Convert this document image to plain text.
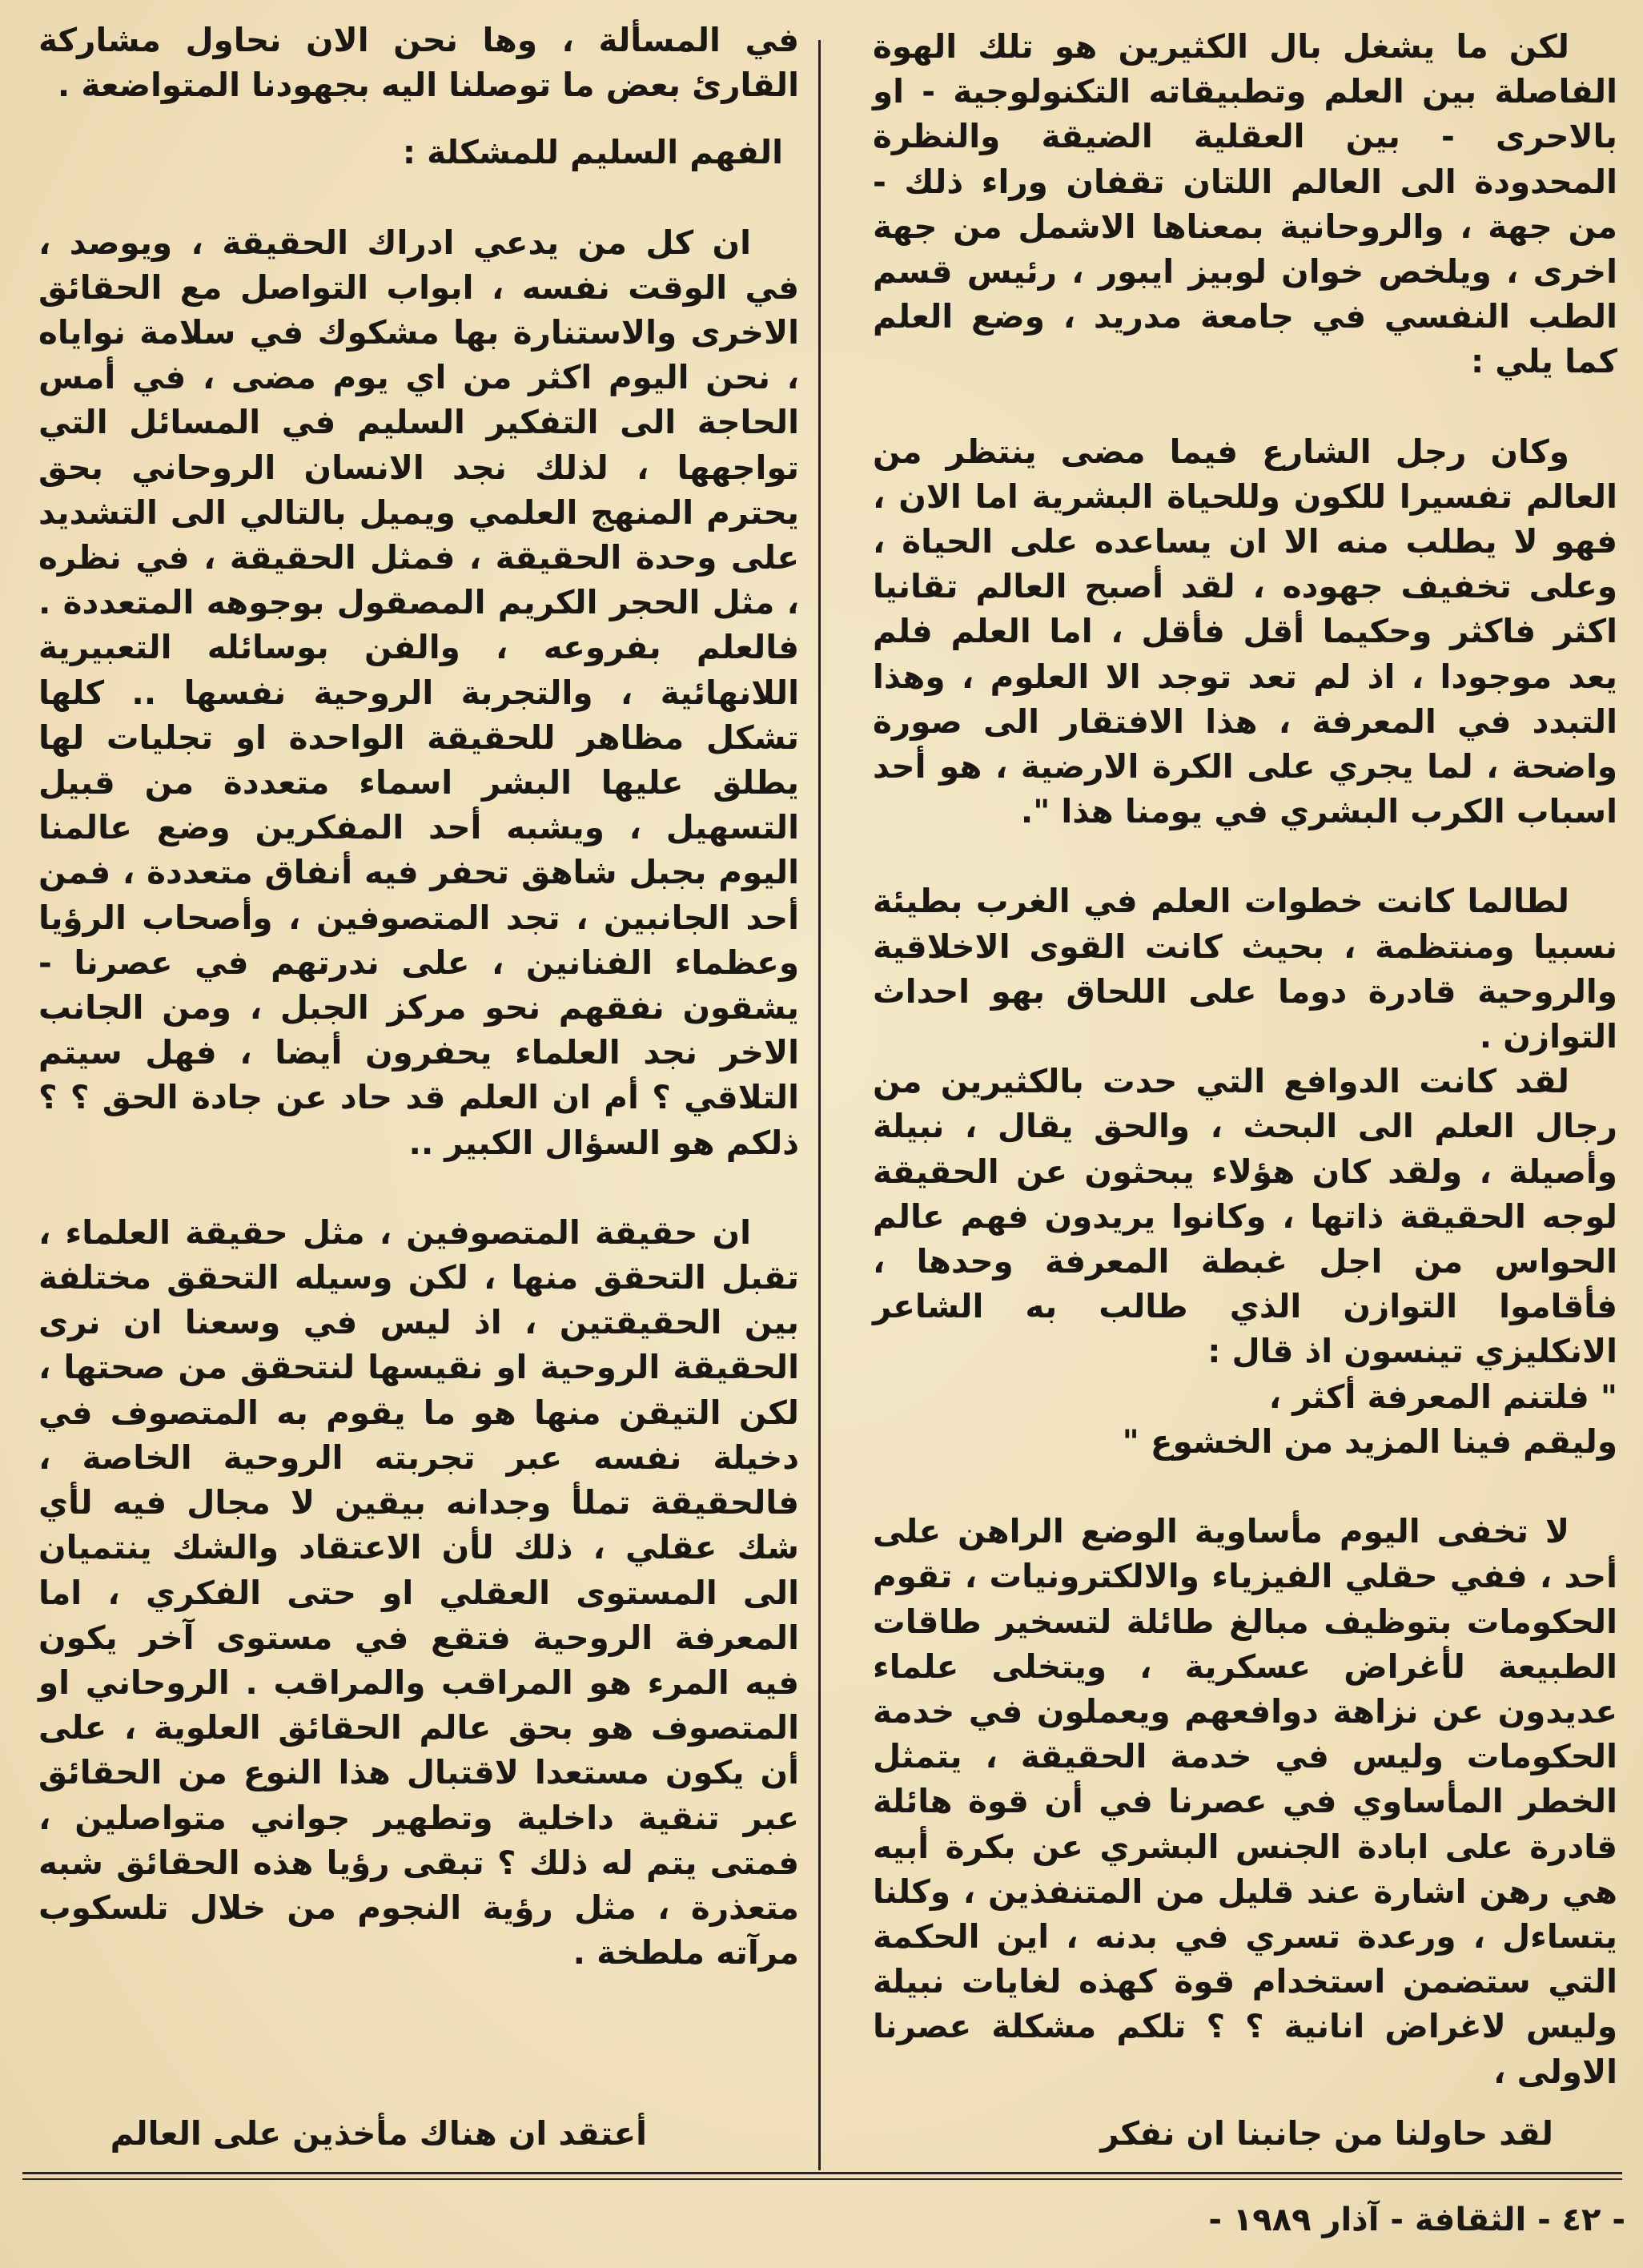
لكن ما يشغل بال الكثيرين هو تلك الهوة الفاصلة بين العلم وتطبيقاته التكنولوجية - او بالاحرى - بين العقلية الضيقة والنظرة المحدودة الى العالم اللتان تقفان وراء ذلك - من جهة ، والروحانية بمعناها الاشمل من جهة اخرى ، ويلخص خوان لوبيز ايبور ، رئيس قسم الطب النفسي في جامعة مدريد ، وضع العلم كما يلي :

وكان رجل الشارع فيما مضى ينتظر من العالم تفسيرا للكون وللحياة البشرية اما الان ، فهو لا يطلب منه الا ان يساعده على الحياة ، وعلى تخفيف جهوده ، لقد أصبح العالم تقانيا اكثر فاكثر وحكيما أقل فأقل ، اما العلم فلم يعد موجودا ، اذ لم تعد توجد الا العلوم ، وهذا التبدد في المعرفة ، هذا الافتقار الى صورة واضحة ، لما يجري على الكرة الارضية ، هو أحد اسباب الكرب البشري في يومنا هذا ".

لطالما كانت خطوات العلم في الغرب بطيئة نسبيا ومنتظمة ، بحيث كانت القوى الاخلاقية والروحية قادرة دوما على اللحاق بهو احداث التوازن .

لقد كانت الدوافع التي حدت بالكثيرين من رجال العلم الى البحث ، والحق يقال ، نبيلة وأصيلة ، ولقد كان هؤلاء يبحثون عن الحقيقة لوجه الحقيقة ذاتها ، وكانوا يريدون فهم عالم الحواس من اجل غبطة المعرفة وحدها ، فأقاموا التوازن الذي طالب به الشاعر الانكليزي تينسون اذ قال :

" فلتنم المعرفة أكثر ،

وليقم فينا المزيد من الخشوع "

لا تخفى اليوم مأساوية الوضع الراهن على أحد ، ففي حقلي الفيزياء والالكترونيات ، تقوم الحكومات بتوظيف مبالغ طائلة لتسخير طاقات الطبيعة لأغراض عسكرية ، ويتخلى علماء عديدون عن نزاهة دوافعهم ويعملون في خدمة الحكومات وليس في خدمة الحقيقة ، يتمثل الخطر المأساوي في عصرنا في أن قوة هائلة قادرة على ابادة الجنس البشري عن بكرة أبيه هي رهن اشارة عند قليل من المتنفذين ، وكلنا يتساءل ، ورعدة تسري في بدنه ، اين الحكمة التي ستضمن استخدام قوة كهذه لغايات نبيلة وليس لاغراض انانية ؟ ؟ تلكم مشكلة عصرنا الاولى ،

في المسألة ، وها نحن الان نحاول مشاركة القارئ بعض ما توصلنا اليه بجهودنا المتواضعة .

الفهم السليم للمشكلة :

ان كل من يدعي ادراك الحقيقة ، ويوصد ، في الوقت نفسه ، ابواب التواصل مع الحقائق الاخرى والاستنارة بها مشكوك في سلامة نواياه ، نحن اليوم اكثر من اي يوم مضى ، في أمس الحاجة الى التفكير السليم في المسائل التي تواجهها ، لذلك نجد الانسان الروحاني بحق يحترم المنهج العلمي ويميل بالتالي الى التشديد على وحدة الحقيقة ، فمثل الحقيقة ، في نظره ، مثل الحجر الكريم المصقول بوجوهه المتعددة . فالعلم بفروعه ، والفن بوسائله التعبيرية اللانهائية ، والتجربة الروحية نفسها .. كلها تشكل مظاهر للحقيقة الواحدة او تجليات لها يطلق عليها البشر اسماء متعددة من قبيل التسهيل ، ويشبه أحد المفكرين وضع عالمنا اليوم بجبل شاهق تحفر فيه أنفاق متعددة ، فمن أحد الجانبين ، تجد المتصوفين ، وأصحاب الرؤيا وعظماء الفنانين ، على ندرتهم في عصرنا - يشقون نفقهم نحو مركز الجبل ، ومن الجانب الاخر نجد العلماء يحفرون أيضا ، فهل سيتم التلاقي ؟ أم ان العلم قد حاد عن جادة الحق ؟ ؟ ذلكم هو السؤال الكبير ..

ان حقيقة المتصوفين ، مثل حقيقة العلماء ، تقبل التحقق منها ، لكن وسيله التحقق مختلفة بين الحقيقتين ، اذ ليس في وسعنا ان نرى الحقيقة الروحية او نقيسها لنتحقق من صحتها ، لكن التيقن منها هو ما يقوم به المتصوف في دخيلة نفسه عبر تجربته الروحية الخاصة ، فالحقيقة تملأ وجدانه بيقين لا مجال فيه لأي شك عقلي ، ذلك لأن الاعتقاد والشك ينتميان الى المستوى العقلي او حتى الفكري ، اما المعرفة الروحية فتقع في مستوى آخر يكون فيه المرء هو المراقب والمراقب . الروحاني او المتصوف هو بحق عالم الحقائق العلوية ، على أن يكون مستعدا لاقتبال هذا النوع من الحقائق عبر تنقية داخلية وتطهير جواني متواصلين ، فمتى يتم له ذلك ؟ تبقى رؤيا هذه الحقائق شبه متعذرة ، مثل رؤية النجوم من خلال تلسكوب مرآته ملطخة .

لقد حاولنا من جانبنا ان نفكر
أعتقد ان هناك مأخذين على العالم
- ٤٢ - الثقافة - آذار ١٩٨٩ -
